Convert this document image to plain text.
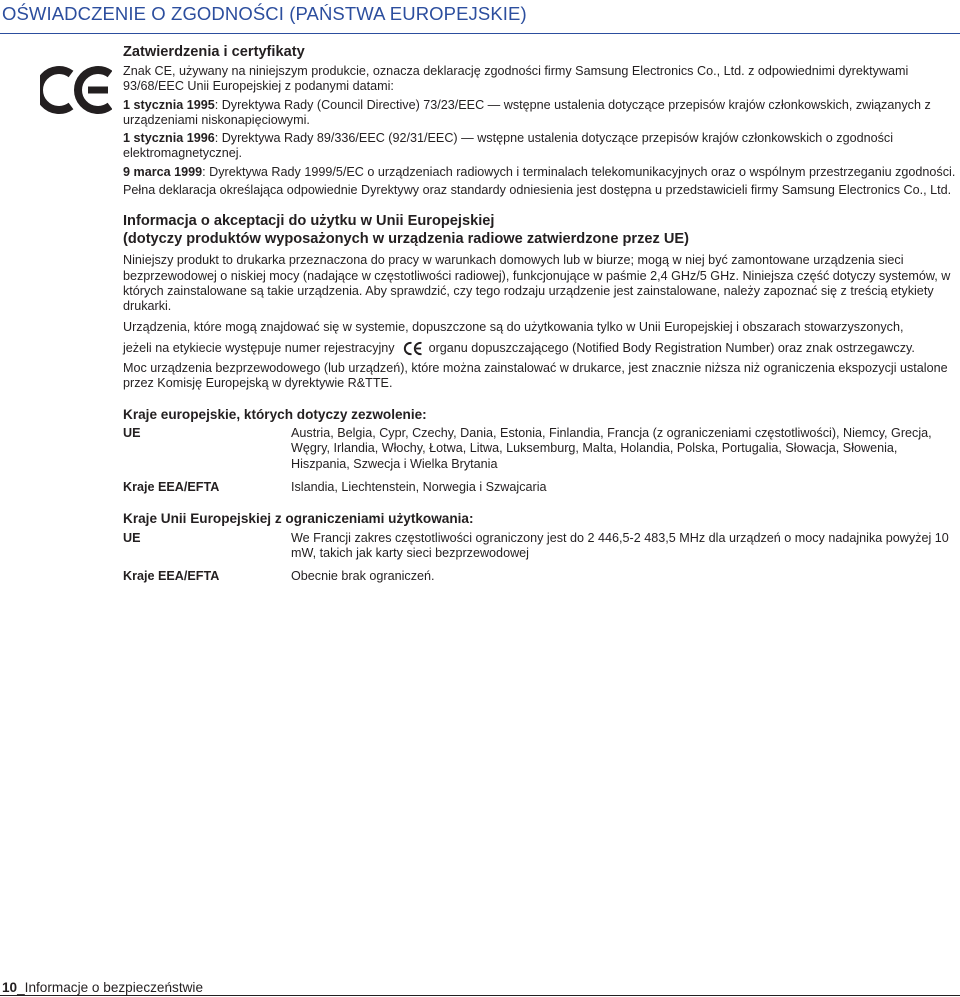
OŚWIADCZENIE O ZGODNOŚCI (PAŃSTWA EUROPEJSKIE)
Zatwierdzenia i certyfikaty
Znak CE, używany na niniejszym produkcie, oznacza deklarację zgodności firmy Samsung Electronics Co., Ltd. z odpowiednimi dyrektywami 93/68/EEC Unii Europejskiej z podanymi datami:
1 stycznia 1995: Dyrektywa Rady (Council Directive) 73/23/EEC — wstępne ustalenia dotyczące przepisów krajów członkowskich, związanych z urządzeniami niskonapięciowymi.
1 stycznia 1996: Dyrektywa Rady 89/336/EEC (92/31/EEC) — wstępne ustalenia dotyczące przepisów krajów członkowskich o zgodności elektromagnetycznej.
9 marca 1999: Dyrektywa Rady 1999/5/EC o urządzeniach radiowych i terminalach telekomunikacyjnych oraz o wspólnym przestrzeganiu zgodności.
Pełna deklaracja określająca odpowiednie Dyrektywy oraz standardy odniesienia jest dostępna u przedstawicieli firmy Samsung Electronics Co., Ltd.
Informacja o akceptacji do użytku w Unii Europejskiej
(dotyczy produktów wyposażonych w urządzenia radiowe zatwierdzone przez UE)
Niniejszy produkt to drukarka przeznaczona do pracy w warunkach domowych lub w biurze; mogą w niej być zamontowane urządzenia sieci bezprzewodowej o niskiej mocy (nadające w częstotliwości radiowej), funkcjonujące w paśmie 2,4 GHz/5 GHz. Niniejsza część dotyczy systemów, w których zainstalowane są takie urządzenia. Aby sprawdzić, czy tego rodzaju urządzenie jest zainstalowane, należy zapoznać się z treścią etykiety drukarki.
Urządzenia, które mogą znajdować się w systemie, dopuszczone są do użytkowania tylko w Unii Europejskiej i obszarach stowarzyszonych,
jeżeli na etykiecie występuje numer rejestracyjny	organu dopuszczającego (Notified Body Registration Number) oraz znak ostrzegawczy.
Moc urządzenia bezprzewodowego (lub urządzeń), które można zainstalować w drukarce, jest znacznie niższa niż ograniczenia ekspozycji ustalone przez Komisję Europejską w dyrektywie R&TTE.
Kraje europejskie, których dotyczy zezwolenie:
UE	Austria, Belgia, Cypr, Czechy, Dania, Estonia, Finlandia, Francja (z ograniczeniami częstotliwości), Niemcy, Grecja, Węgry, Irlandia, Włochy, Łotwa, Litwa, Luksemburg, Malta, Holandia, Polska, Portugalia, Słowacja, Słowenia, Hiszpania, Szwecja i Wielka Brytania
Kraje EEA/EFTA	Islandia, Liechtenstein, Norwegia i Szwajcaria
Kraje Unii Europejskiej z ograniczeniami użytkowania:
UE	We Francji zakres częstotliwości ograniczony jest do 2 446,5-2 483,5 MHz dla urządzeń o mocy nadajnika powyżej 10 mW, takich jak karty sieci bezprzewodowej
Kraje EEA/EFTA	Obecnie brak ograniczeń.
10_Informacje o bezpieczeństwie
